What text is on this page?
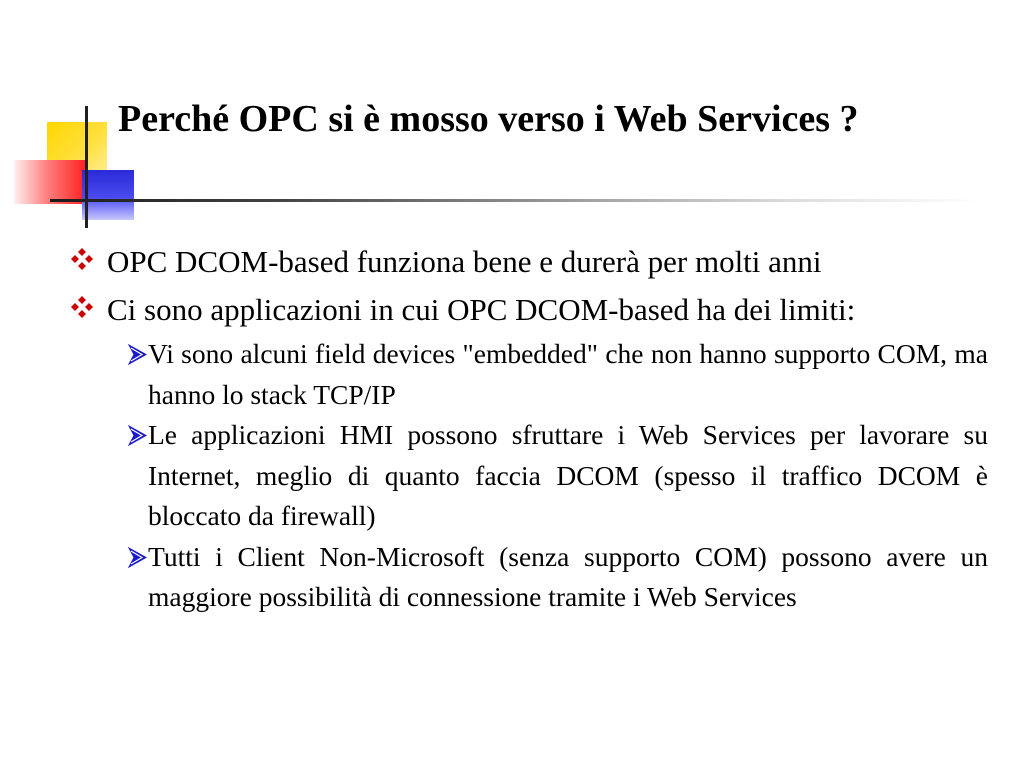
Perché OPC si è mosso verso i Web Services ?

OPC DCOM-based funziona bene e durerà per molti anni

Ci sono applicazioni in cui OPC DCOM-based ha dei limiti:

Vi sono alcuni field devices "embedded" che non hanno supporto COM, ma hanno lo stack TCP/IP

Le applicazioni HMI possono sfruttare i Web Services per lavorare su Internet, meglio di quanto faccia DCOM (spesso il traffico DCOM è bloccato da firewall)

Tutti i Client Non-Microsoft (senza supporto COM) possono avere un maggiore possibilità di connessione tramite i Web Services
